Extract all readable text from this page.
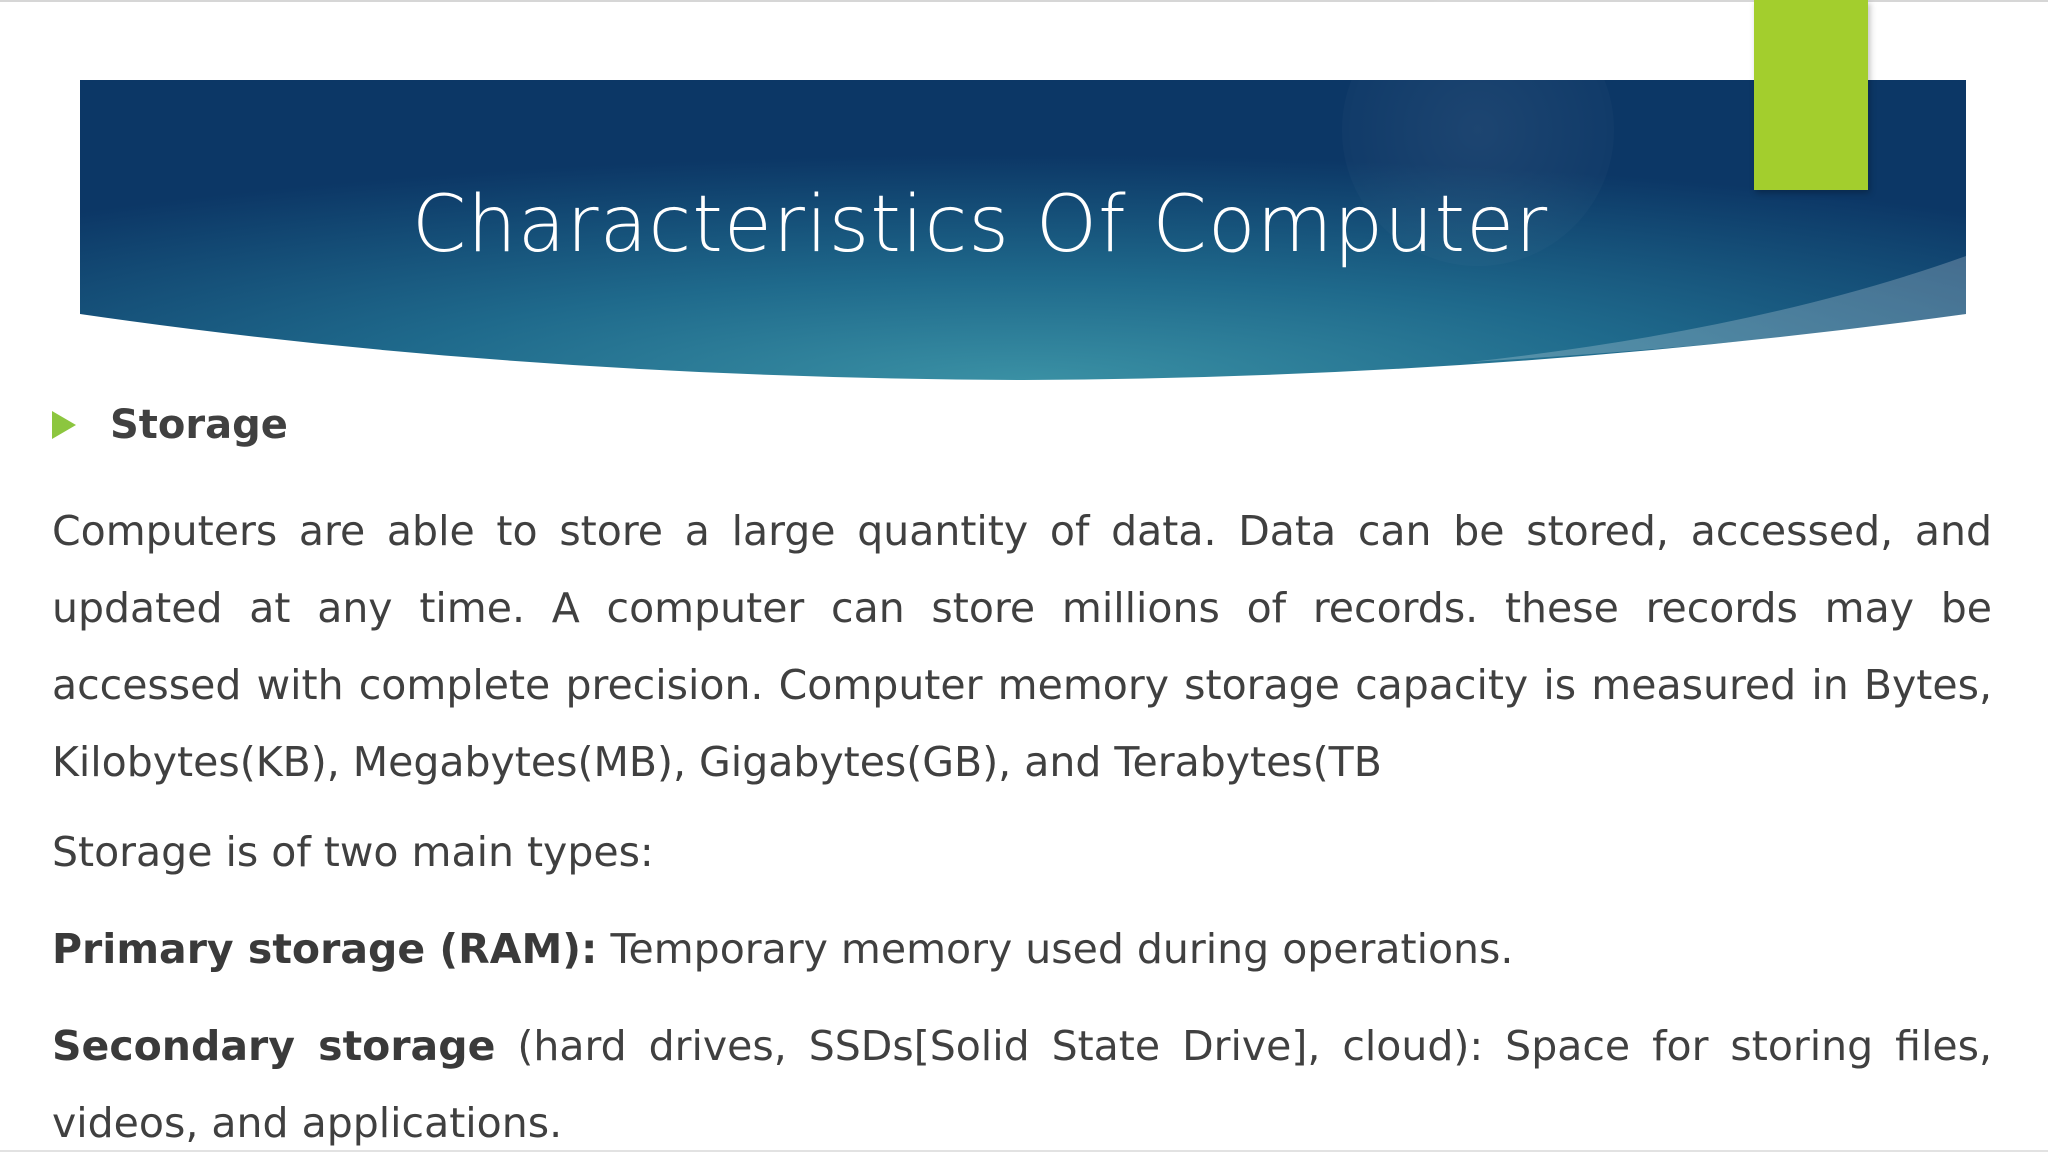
Characteristics Of Computer
Storage

Computers are able to store a large quantity of data. Data can be stored, accessed, and updated at any time. A computer can store millions of records. these records may be accessed with complete precision. Computer memory storage capacity is measured in Bytes, Kilobytes(KB), Megabytes(MB), Gigabytes(GB), and Terabytes(TB

Storage is of two main types:

Primary storage (RAM): Temporary memory used during operations.

Secondary storage (hard drives, SSDs[Solid State Drive], cloud): Space for storing files, videos, and applications.
